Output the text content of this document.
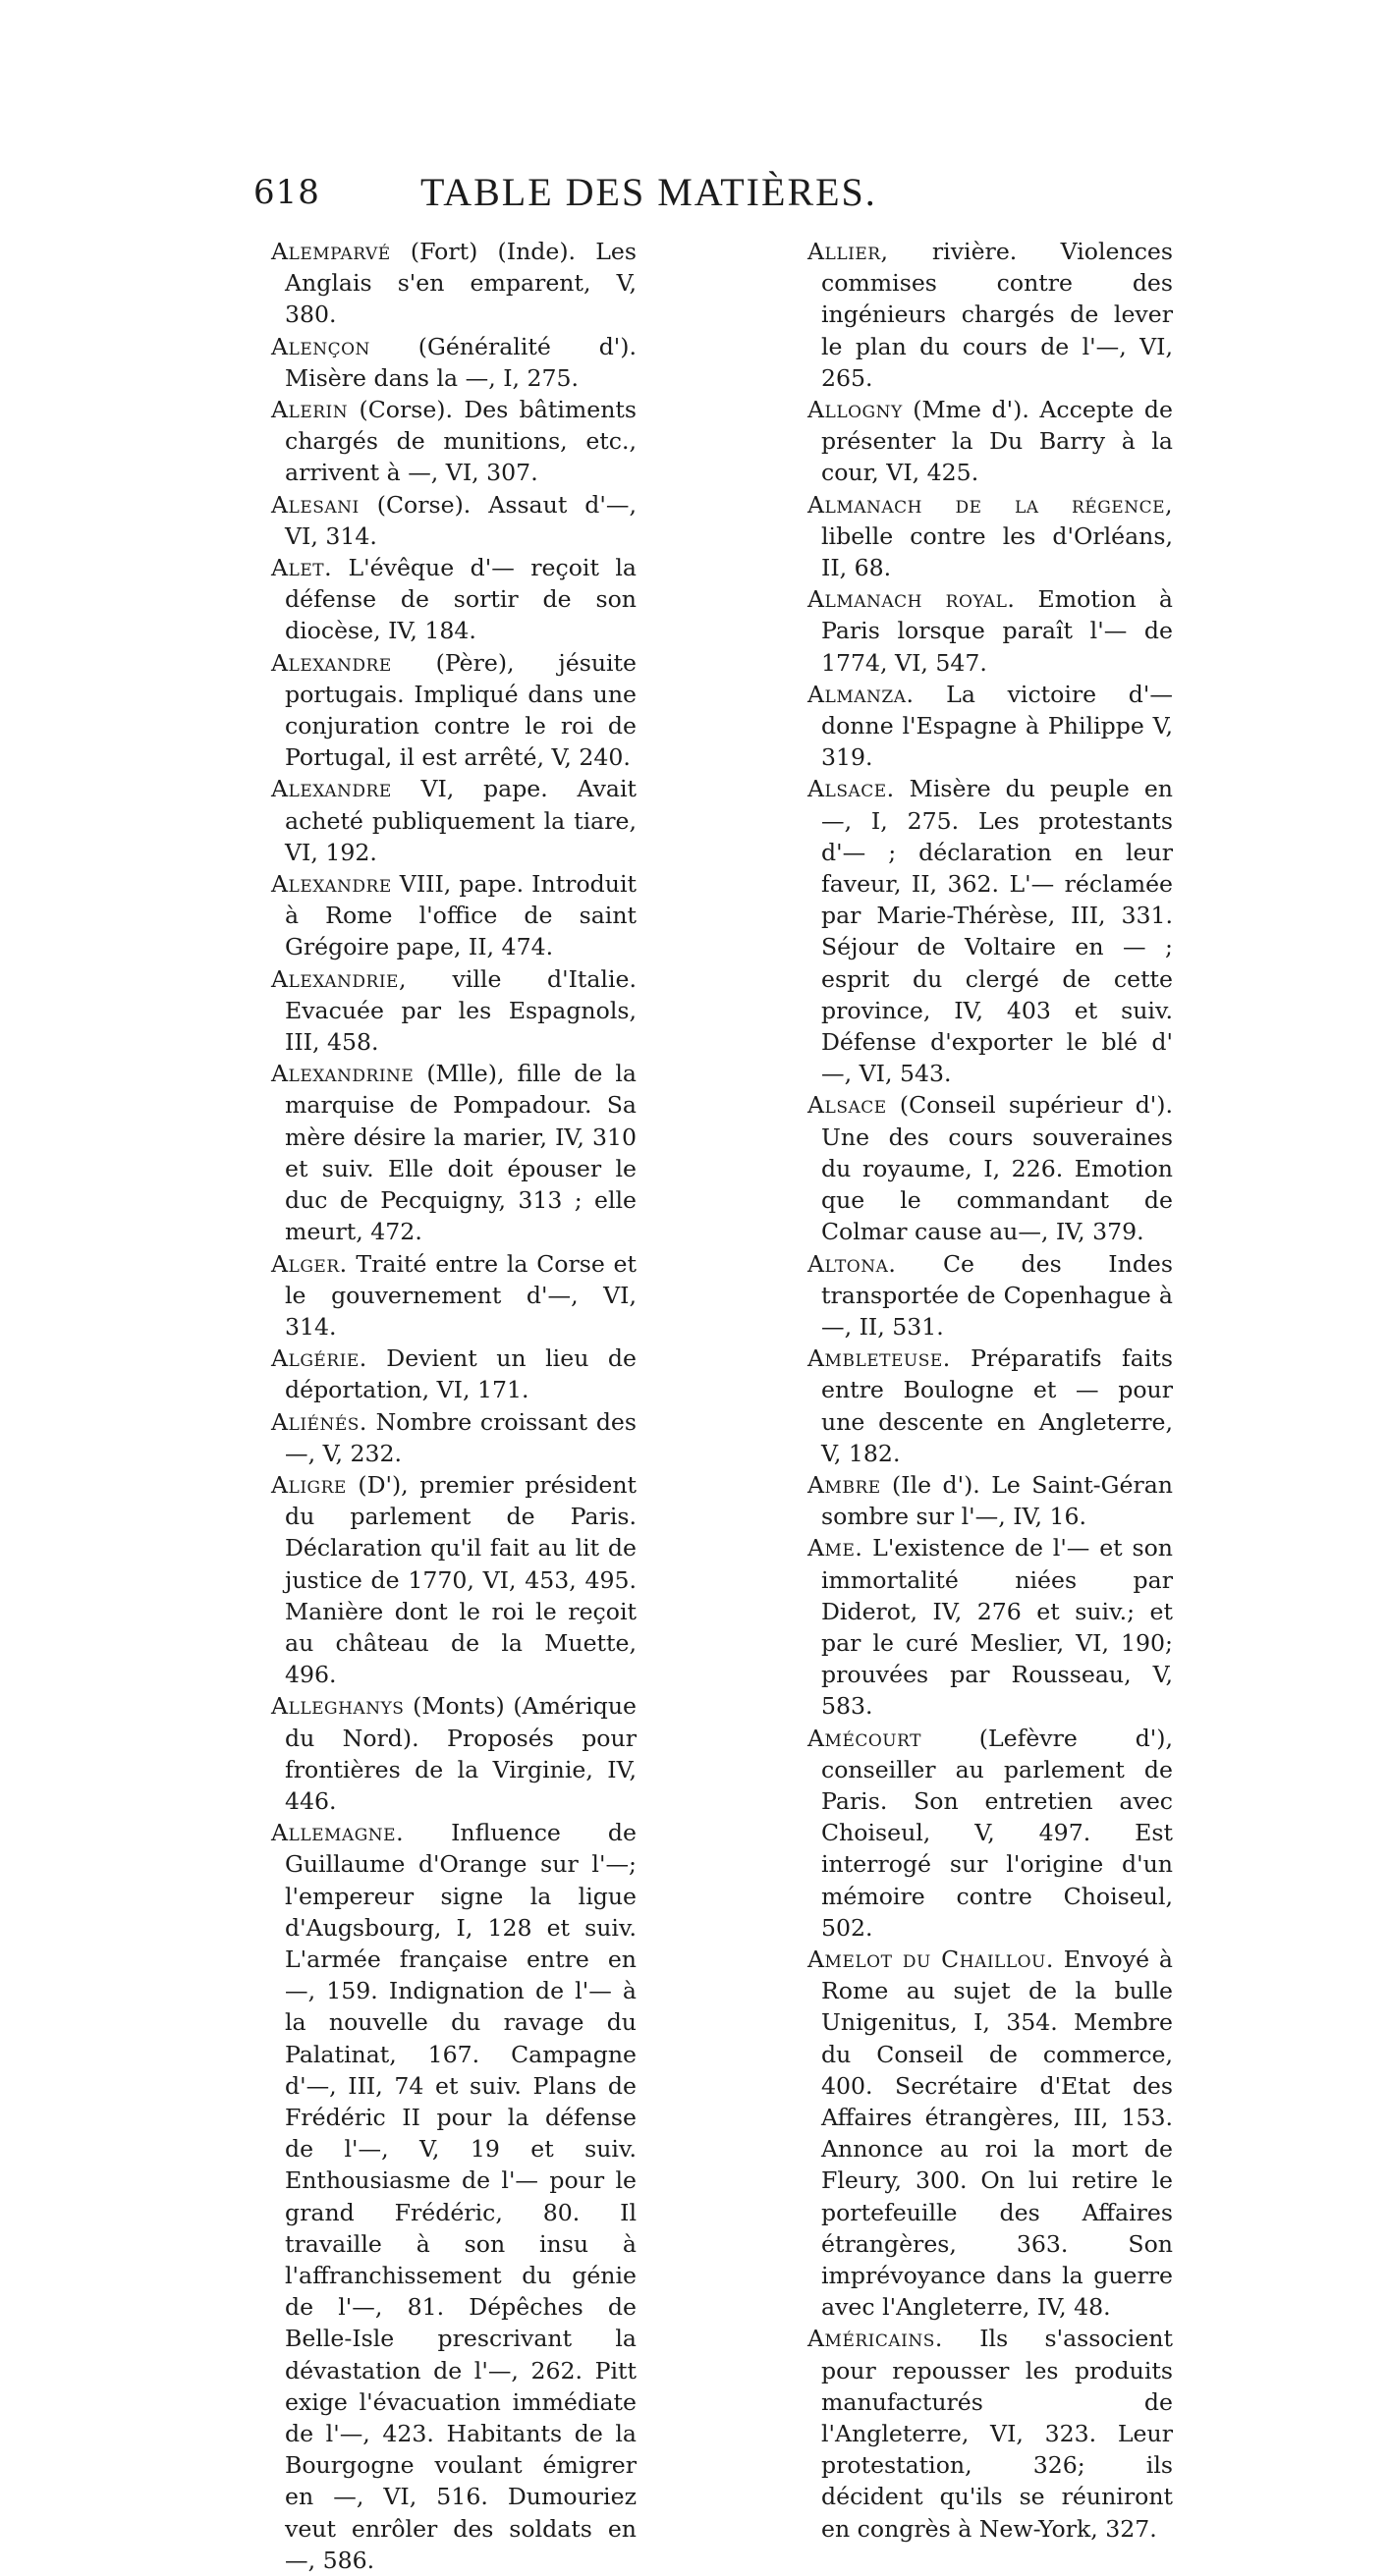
618	TABLE DES MATIÈRES.

Alemparvé (Fort) (Inde). Les Anglais s'en emparent, V, 380.

Alençon (Généralité d'). Misère dans la —, I, 275.

Alerin (Corse). Des bâtiments chargés de munitions, etc., arrivent à —, VI, 307.

Alesani (Corse). Assaut d'—, VI, 314.

Alet. L'évêque d'— reçoit la défense de sortir de son diocèse, IV, 184.

Alexandre (Père), jésuite portugais. Impliqué dans une conjuration contre le roi de Portugal, il est arrêté, V, 240.

Alexandre VI, pape. Avait acheté publiquement la tiare, VI, 192.

Alexandre VIII, pape. Introduit à Rome l'office de saint Grégoire pape, II, 474.

Alexandrie, ville d'Italie. Evacuée par les Espagnols, III, 458.

Alexandrine (Mlle), fille de la marquise de Pompadour. Sa mère désire la marier, IV, 310 et suiv. Elle doit épouser le duc de Pecquigny, 313 ; elle meurt, 472.

Alger. Traité entre la Corse et le gouvernement d'—, VI, 314.

Algérie. Devient un lieu de déportation, VI, 171.

Aliénés. Nombre croissant des —, V, 232.

Aligre (D'), premier président du parlement de Paris. Déclaration qu'il fait au lit de justice de 1770, VI, 453, 495. Manière dont le roi le reçoit au château de la Muette, 496.

Alleghanys (Monts) (Amérique du Nord). Proposés pour frontières de la Virginie, IV, 446.

Allemagne. Influence de Guillaume d'Orange sur l'—; l'empereur signe la ligue d'Augsbourg, I, 128 et suiv. L'armée française entre en —, 159. Indignation de l'— à la nouvelle du ravage du Palatinat, 167. Campagne d'—, III, 74 et suiv. Plans de Frédéric II pour la défense de l'—, V, 19 et suiv. Enthousiasme de l'— pour le grand Frédéric, 80. Il travaille à son insu à l'affranchissement du génie de l'—, 81. Dépêches de Belle-Isle prescrivant la dévastation de l'—, 262. Pitt exige l'évacuation immédiate de l'—, 423. Habitants de la Bourgogne voulant émigrer en —, VI, 516. Dumouriez veut enrôler des soldats en —, 586.

Allier, rivière. Violences commises contre des ingénieurs chargés de lever le plan du cours de l'—, VI, 265.

Allogny (Mme d'). Accepte de présenter la Du Barry à la cour, VI, 425.

Almanach de la régence, libelle contre les d'Orléans, II, 68.

Almanach royal. Emotion à Paris lorsque paraît l'— de 1774, VI, 547.

Almanza. La victoire d'— donne l'Espagne à Philippe V, 319.

Alsace. Misère du peuple en —, I, 275. Les protestants d'— ; déclaration en leur faveur, II, 362. L'— réclamée par Marie-Thérèse, III, 331. Séjour de Voltaire en — ; esprit du clergé de cette province, IV, 403 et suiv. Défense d'exporter le blé d' —, VI, 543.

Alsace (Conseil supérieur d'). Une des cours souveraines du royaume, I, 226. Emotion que le commandant de Colmar cause au—, IV, 379.

Altona. Ce des Indes transportée de Copenhague à —, II, 531.

Ambleteuse. Préparatifs faits entre Boulogne et — pour une descente en Angleterre, V, 182.

Ambre (Ile d'). Le Saint-Géran sombre sur l'—, IV, 16.

Ame. L'existence de l'— et son immortalité niées par Diderot, IV, 276 et suiv.; et par le curé Meslier, VI, 190; prouvées par Rousseau, V, 583.

Amécourt (Lefèvre d'), conseiller au parlement de Paris. Son entretien avec Choiseul, V, 497. Est interrogé sur l'origine d'un mémoire contre Choiseul, 502.

Amelot du Chaillou. Envoyé à Rome au sujet de la bulle Unigenitus, I, 354. Membre du Conseil de commerce, 400. Secrétaire d'Etat des Affaires étrangères, III, 153. Annonce au roi la mort de Fleury, 300. On lui retire le portefeuille des Affaires étrangères, 363. Son imprévoyance dans la guerre avec l'Angleterre, IV, 48.

Américains. Ils s'associent pour repousser les produits manufacturés de l'Angleterre, VI, 323. Leur protestation, 326; ils décident qu'ils se réuniront en congrès à New-York, 327.
